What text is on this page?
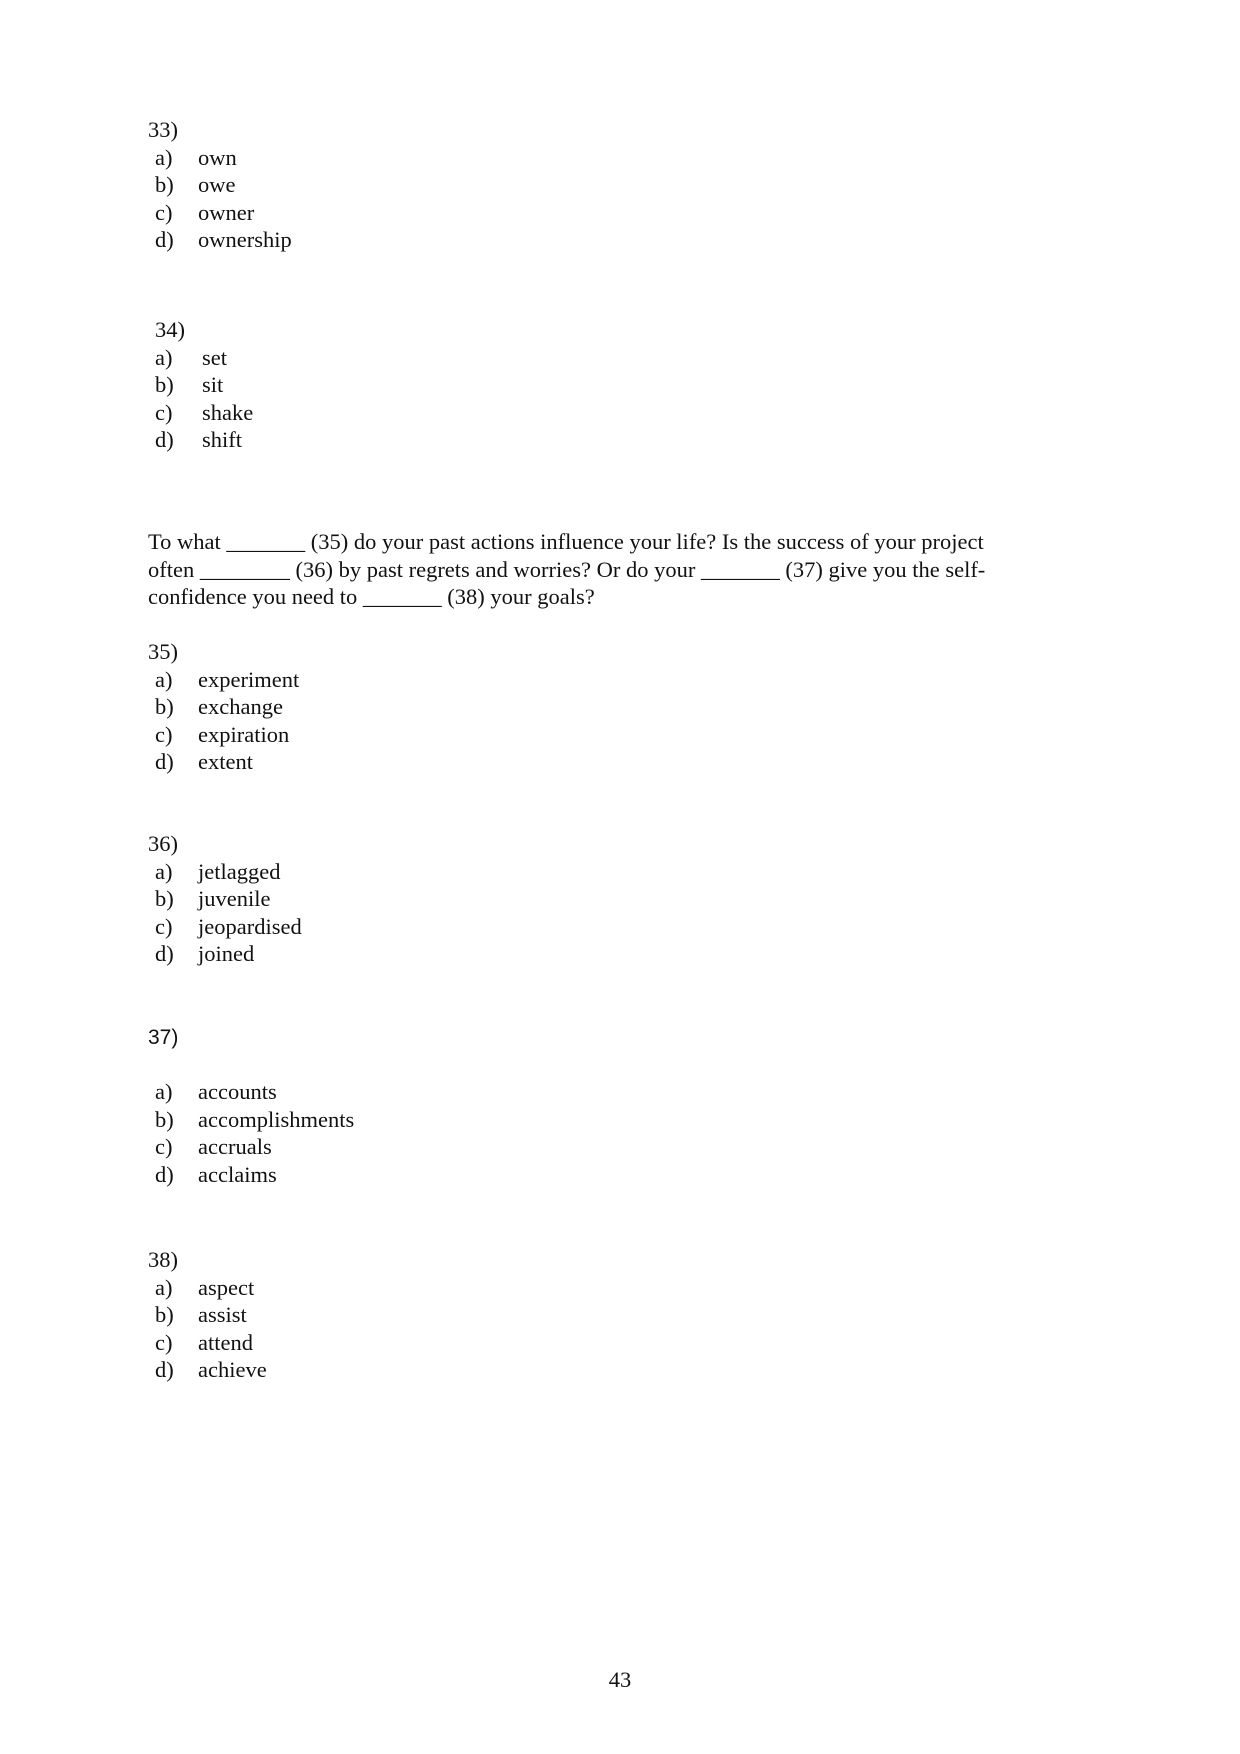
33)
a)	own
b)	owe
c)	owner
d)	ownership
34)
a)	set
b)	sit
c)	shake
d)	shift
To what _______ (35) do your past actions influence your life? Is the success of your project
often ________ (36) by past regrets and worries? Or do your _______ (37) give you the self-
confidence you need to _______ (38) your goals?
35)
a)	experiment
b)	exchange
c)	expiration
d)	extent
36)
a)	jetlagged
b)	juvenile
c)	jeopardised
d)	joined
37)
a)	accounts
b)	accomplishments
c)	accruals
d)	acclaims
38)
a)	aspect
b)	assist
c)	attend
d)	achieve
43
